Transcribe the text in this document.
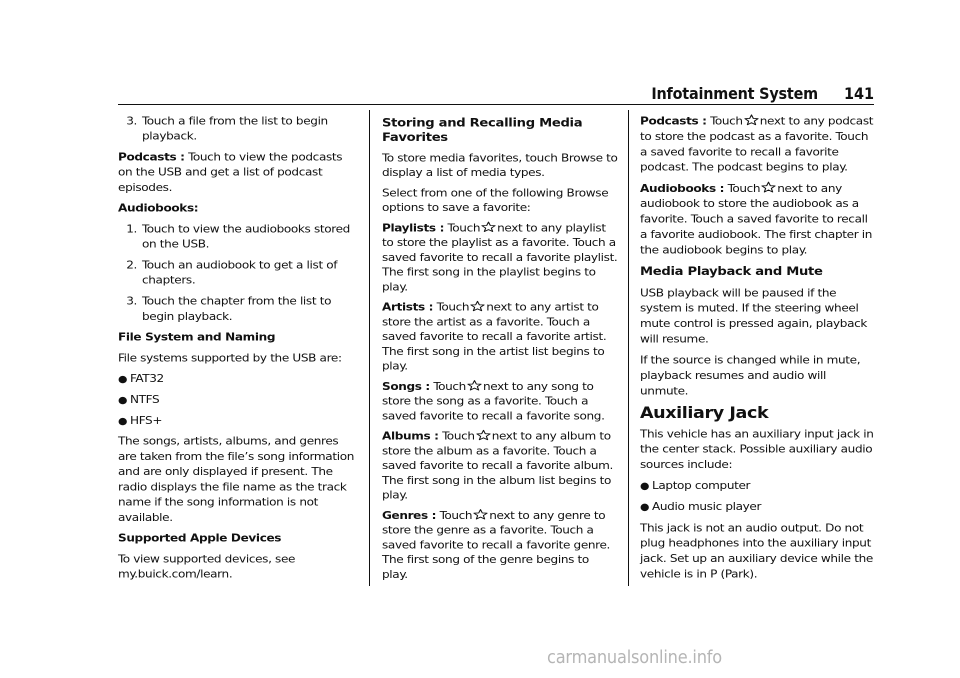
Infotainment System 141
3. Touch a file from the list to begin playback.

Podcasts : Touch to view the podcasts on the USB and get a list of podcast episodes.

Audiobooks:

1. Touch to view the audiobooks stored on the USB.
2. Touch an audiobook to get a list of chapters.
3. Touch the chapter from the list to begin playback.

File System and Naming

File systems supported by the USB are:

● FAT32
● NTFS
● HFS+

The songs, artists, albums, and genres are taken from the file’s song information and are only displayed if present. The radio displays the file name as the track name if the song information is not available.

Supported Apple Devices

To view supported devices, see my.buick.com/learn.

Storing and Recalling Media Favorites

To store media favorites, touch Browse to display a list of media types.

Select from one of the following Browse options to save a favorite:

Playlists : Touch next to any playlist to store the playlist as a favorite. Touch a saved favorite to recall a favorite playlist. The first song in the playlist begins to play.

Artists : Touch next to any artist to store the artist as a favorite. Touch a saved favorite to recall a favorite artist. The first song in the artist list begins to play.

Songs : Touch next to any song to store the song as a favorite. Touch a saved favorite to recall a favorite song.

Albums : Touch next to any album to store the album as a favorite. Touch a saved favorite to recall a favorite album. The first song in the album list begins to play.

Genres : Touch next to any genre to store the genre as a favorite. Touch a saved favorite to recall a favorite genre. The first song of the genre begins to play.

Podcasts : Touch next to any podcast to store the podcast as a favorite. Touch a saved favorite to recall a favorite podcast. The podcast begins to play.

Audiobooks : Touch next to any audiobook to store the audiobook as a favorite. Touch a saved favorite to recall a favorite audiobook. The first chapter in the audiobook begins to play.

Media Playback and Mute

USB playback will be paused if the system is muted. If the steering wheel mute control is pressed again, playback will resume.

If the source is changed while in mute, playback resumes and audio will unmute.

Auxiliary Jack

This vehicle has an auxiliary input jack in the center stack. Possible auxiliary audio sources include:

● Laptop computer
● Audio music player

This jack is not an audio output. Do not plug headphones into the auxiliary input jack. Set up an auxiliary device while the vehicle is in P (Park).

carmanualsonline.info
